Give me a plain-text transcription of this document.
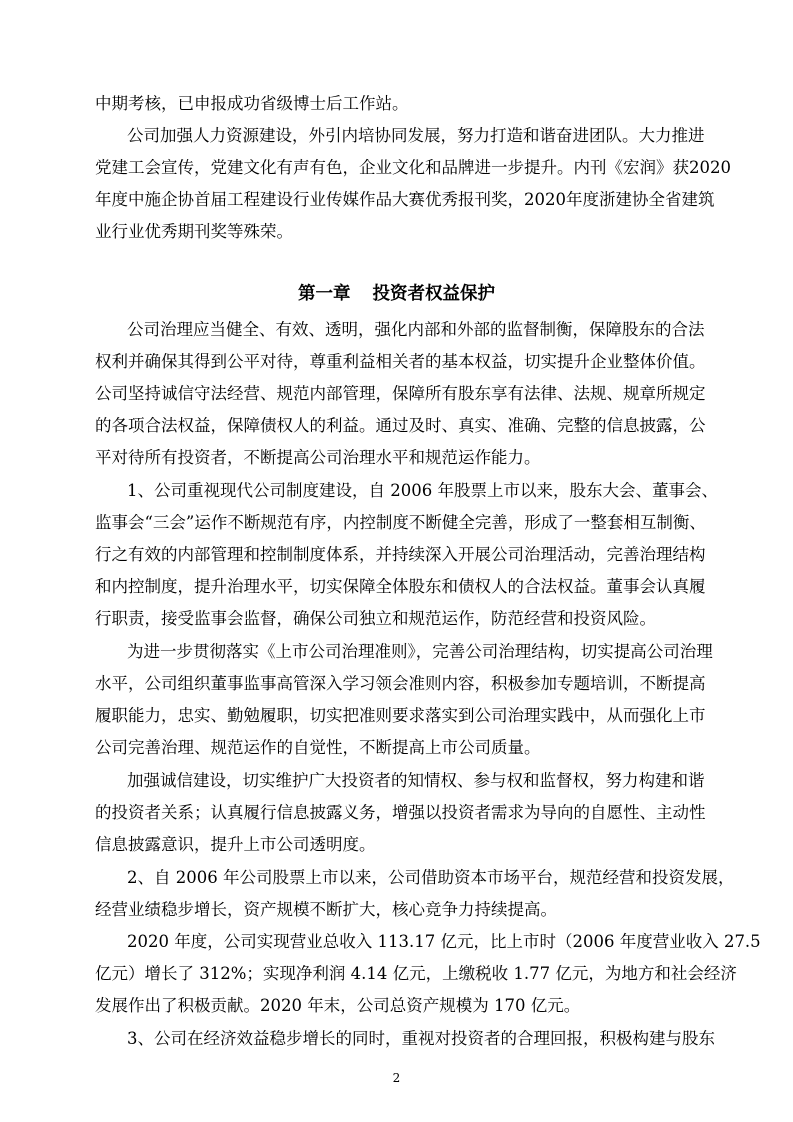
中期考核，已申报成功省级博士后工作站。
公司加强人力资源建设，外引内培协同发展，努力打造和谐奋进团队。大力推进
党建工会宣传，党建文化有声有色，企业文化和品牌进一步提升。内刊《宏润》获2020
年度中施企协首届工程建设行业传媒作品大赛优秀报刊奖，2020年度浙建协全省建筑
业行业优秀期刊奖等殊荣。
第一章 投资者权益保护
公司治理应当健全、有效、透明，强化内部和外部的监督制衡，保障股东的合法
权利并确保其得到公平对待，尊重利益相关者的基本权益，切实提升企业整体价值。
公司坚持诚信守法经营、规范内部管理，保障所有股东享有法律、法规、规章所规定
的各项合法权益，保障债权人的利益。通过及时、真实、准确、完整的信息披露，公
平对待所有投资者，不断提高公司治理水平和规范运作能力。
1、公司重视现代公司制度建设，自 2006 年股票上市以来，股东大会、董事会、
监事会“三会”运作不断规范有序，内控制度不断健全完善，形成了一整套相互制衡、
行之有效的内部管理和控制制度体系，并持续深入开展公司治理活动，完善治理结构
和内控制度，提升治理水平，切实保障全体股东和债权人的合法权益。董事会认真履
行职责，接受监事会监督，确保公司独立和规范运作，防范经营和投资风险。
为进一步贯彻落实《上市公司治理准则》，完善公司治理结构，切实提高公司治理
水平，公司组织董事监事高管深入学习领会准则内容，积极参加专题培训，不断提高
履职能力，忠实、勤勉履职，切实把准则要求落实到公司治理实践中，从而强化上市
公司完善治理、规范运作的自觉性，不断提高上市公司质量。
加强诚信建设，切实维护广大投资者的知情权、参与权和监督权，努力构建和谐
的投资者关系；认真履行信息披露义务，增强以投资者需求为导向的自愿性、主动性
信息披露意识，提升上市公司透明度。
2、自 2006 年公司股票上市以来，公司借助资本市场平台，规范经营和投资发展，
经营业绩稳步增长，资产规模不断扩大，核心竞争力持续提高。
2020 年度，公司实现营业总收入 113.17 亿元，比上市时（2006 年度营业收入 27.5
亿元）增长了 312%；实现净利润 4.14 亿元，上缴税收 1.77 亿元，为地方和社会经济
发展作出了积极贡献。2020 年末，公司总资产规模为 170 亿元。
3、公司在经济效益稳步增长的同时，重视对投资者的合理回报，积极构建与股东
2
